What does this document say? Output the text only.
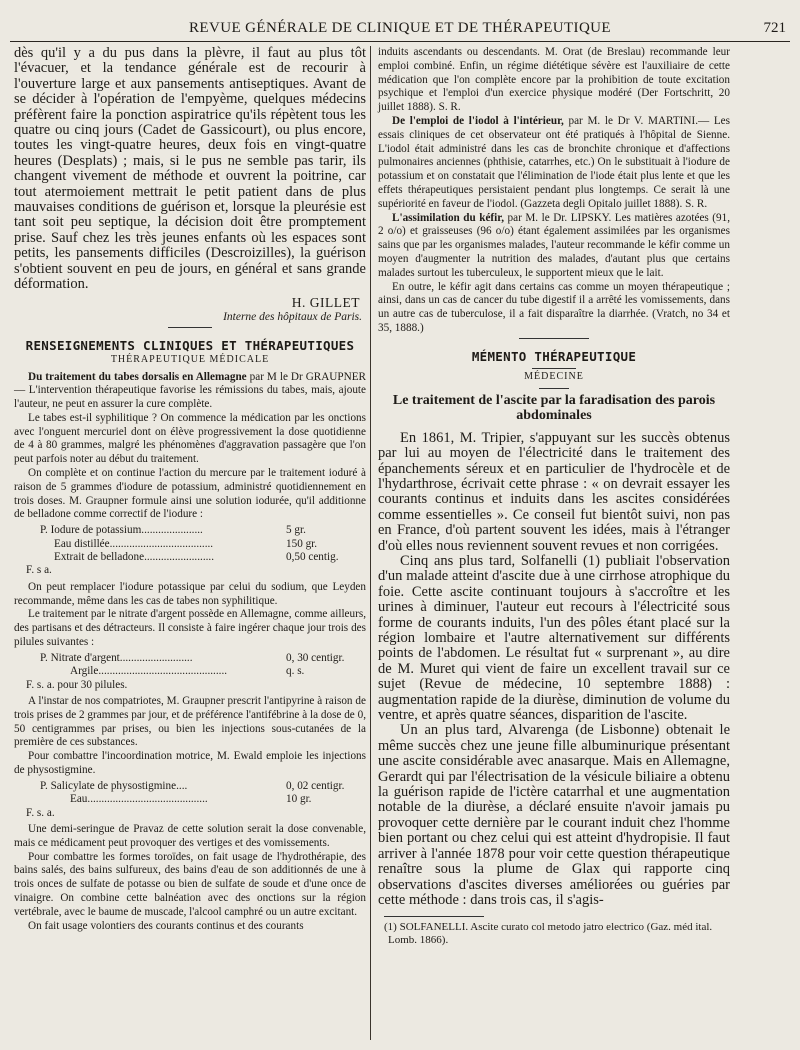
REVUE GÉNÉRALE DE CLINIQUE ET DE THÉRAPEUTIQUE	721

dès qu'il y a du pus dans la plèvre, il faut au plus tôt l'évacuer, et la tendance générale est de recourir à l'ouverture large et aux pansements antiseptiques. Avant de se décider à l'opération de l'empyème, quelques médecins préfèrent faire la ponction aspiratrice qu'ils répètent tous les quatre ou cinq jours (Cadet de Gassicourt), ou plus encore, toutes les vingt-quatre heures, deux fois en vingt-quatre heures (Desplats) ; mais, si le pus ne semble pas tarir, ils changent vivement de méthode et ouvrent la poitrine, car tout atermoiement mettrait le petit patient dans de plus mauvaises conditions de guérison et, lorsque la pleurésie est tant soit peu septique, la décision doit être promptement prise. Sauf chez les très jeunes enfants où les espaces sont petits, les pansements difficiles (Descroizilles), la guérison s'obtient souvent en peu de jours, en général et sans grande déformation.

H. GILLET

Interne des hôpitaux de Paris.

RENSEIGNEMENTS CLINIQUES ET THÉRAPEUTIQUES
THÉRAPEUTIQUE MÉDICALE

Du traitement du tabes dorsalis en Allemagne par M le Dr GRAUPNER — L'intervention thérapeutique favorise les rémissions du tabes, mais, ajoute l'auteur, ne peut en assurer la cure complète.

Le tabes est-il syphilitique ? On commence la médication par les onctions avec l'onguent mercuriel dont on élève progressivement la dose quotidienne de 4 à 80 grammes, malgré les phénomènes d'aggravation passagère que l'on peut parfois noter au début du traitement.

On complète et on continue l'action du mercure par le traitement ioduré à raison de 5 grammes d'iodure de potassium, administré quotidiennement en trois doses. M. Graupner formule ainsi une solution iodurée, qu'il additionne de belladone comme correctif de l'iodure :

P. Iodure de potassium......................	5 gr.
Eau distillée.....................................	150 gr.
Extrait de belladone.........................	0,50 centig.
F. s a.

On peut remplacer l'iodure potassique par celui du sodium, que Leyden recommande, même dans les cas de tabes non syphilitique.

Le traitement par le nitrate d'argent possède en Allemagne, comme ailleurs, des partisans et des détracteurs. Il consiste à faire ingérer chaque jour trois des pilules suivantes :

P. Nitrate d'argent..........................	0, 30 centigr.
Argile..............................................	q. s.
F. s. a. pour 30 pilules.

A l'instar de nos compatriotes, M. Graupner prescrit l'antipyrine à raison de trois prises de 2 grammes par jour, et de préférence l'antifébrine à la dose de 0, 50 centigrammes par prises, ou bien les injections sous-cutanées de la première de ces substances.

Pour combattre l'incoordination motrice, M. Ewald emploie les injections de physostigmine.

P. Salicylate de physostigmine....	0, 02 centigr.
Eau...........................................	10 gr.
F. s. a.

Une demi-seringue de Pravaz de cette solution serait la dose convenable, mais ce médicament peut provoquer des vertiges et des vomissements.

Pour combattre les formes toroïdes, on fait usage de l'hydrothérapie, des bains salés, des bains sulfureux, des bains d'eau de son additionnés de une à trois onces de sulfate de potasse ou bien de sulfate de soude et d'une once de vinaigre. On combine cette balnéation avec des onctions sur la région vertébrale, avec le baume de muscade, l'alcool camphré ou un autre excitant.

On fait usage volontiers des courants continus et des courants

induits ascendants ou descendants. M. Orat (de Breslau) recommande leur emploi combiné. Enfin, un régime diététique sévère est l'auxiliaire de cette médication que l'on complète encore par la prohibition de toute excitation psychique et l'emploi d'un exercice physique modéré (Der Fortschritt, 20 juillet 1888). S. R.

De l'emploi de l'iodol à l'intérieur, par M. le Dr V. MARTINI.— Les essais cliniques de cet observateur ont été pratiqués à l'hôpital de Sienne. L'iodol était administré dans les cas de bronchite chronique et d'affections pulmonaires anciennes (phthisie, catarrhes, etc.) On le substituait à l'iodure de potassium et on constatait que l'élimination de l'iode était plus lente et que les effets thérapeutiques persistaient pendant plus longtemps. Ce serait là une supériorité en faveur de l'iodol. (Gazzeta degli Opitalo juillet 1888). S. R.

L'assimilation du kéfir, par M. le Dr. LIPSKY. Les matières azotées (91, 2 o/o) et graisseuses (96 o/o) étant également assimilées par les organismes sains que par les organismes malades, l'auteur recommande le kéfir comme un moyen d'augmenter la nutrition des malades, d'autant plus que certains malades surtout les tuberculeux, le supportent mieux que le lait.

En outre, le kéfir agit dans certains cas comme un moyen thérapeutique ; ainsi, dans un cas de cancer du tube digestif il a arrêté les vomissements, dans un autre cas de tuberculose, il a fait disparaître la diarrhée. (Vratch, no 34 et 35, 1888.)

MÉMENTO THÉRAPEUTIQUE
MÉDECINE
Le traitement de l'ascite par la faradisation des parois abdominales

En 1861, M. Tripier, s'appuyant sur les succès obtenus par lui au moyen de l'électricité dans le traitement des épanchements séreux et en particulier de l'hydrocèle et de l'hydarthrose, écrivait cette phrase : « on devrait essayer les courants continus et induits dans les ascites considérées comme essentielles ». Ce conseil fut bientôt suivi, non pas en France, d'où partent souvent les idées, mais à l'étranger d'où elles nous reviennent souvent revues et non corrigées.

Cinq ans plus tard, Solfanelli (1) publiait l'observation d'un malade atteint d'ascite due à une cirrhose atrophique du foie. Cette ascite continuant toujours à s'accroître et les urines à diminuer, l'auteur eut recours à l'électricité sous forme de courants induits, l'un des pôles étant placé sur la région lombaire et l'autre alternativement sur différents points de l'abdomen. Le résultat fut « surprenant », au dire de M. Muret qui vient de faire un excellent travail sur ce sujet (Revue de médecine, 10 septembre 1888) : augmentation rapide de la diurèse, diminution de volume du ventre, et après quatre séances, disparition de l'ascite.

Un an plus tard, Alvarenga (de Lisbonne) obtenait le même succès chez une jeune fille albuminurique présentant une ascite considérable avec anasarque. Mais en Allemagne, Gerardt qui par l'électrisation de la vésicule biliaire a obtenu la guérison rapide de l'ictère catarrhal et une augmentation notable de la diurèse, a déclaré ensuite n'avoir jamais pu provoquer cette dernière par le courant induit chez l'homme bien portant ou chez celui qui est atteint d'hydropisie. Il faut arriver à l'année 1878 pour voir cette question thérapeutique renaître sous la plume de Glax qui rapporte cinq observations d'ascites diverses améliorées ou guéries par cette méthode : dans trois cas, il s'agis-

(1) SOLFANELLI. Ascite curato col metodo jatro electrico (Gaz. méd ital. Lomb. 1866).
